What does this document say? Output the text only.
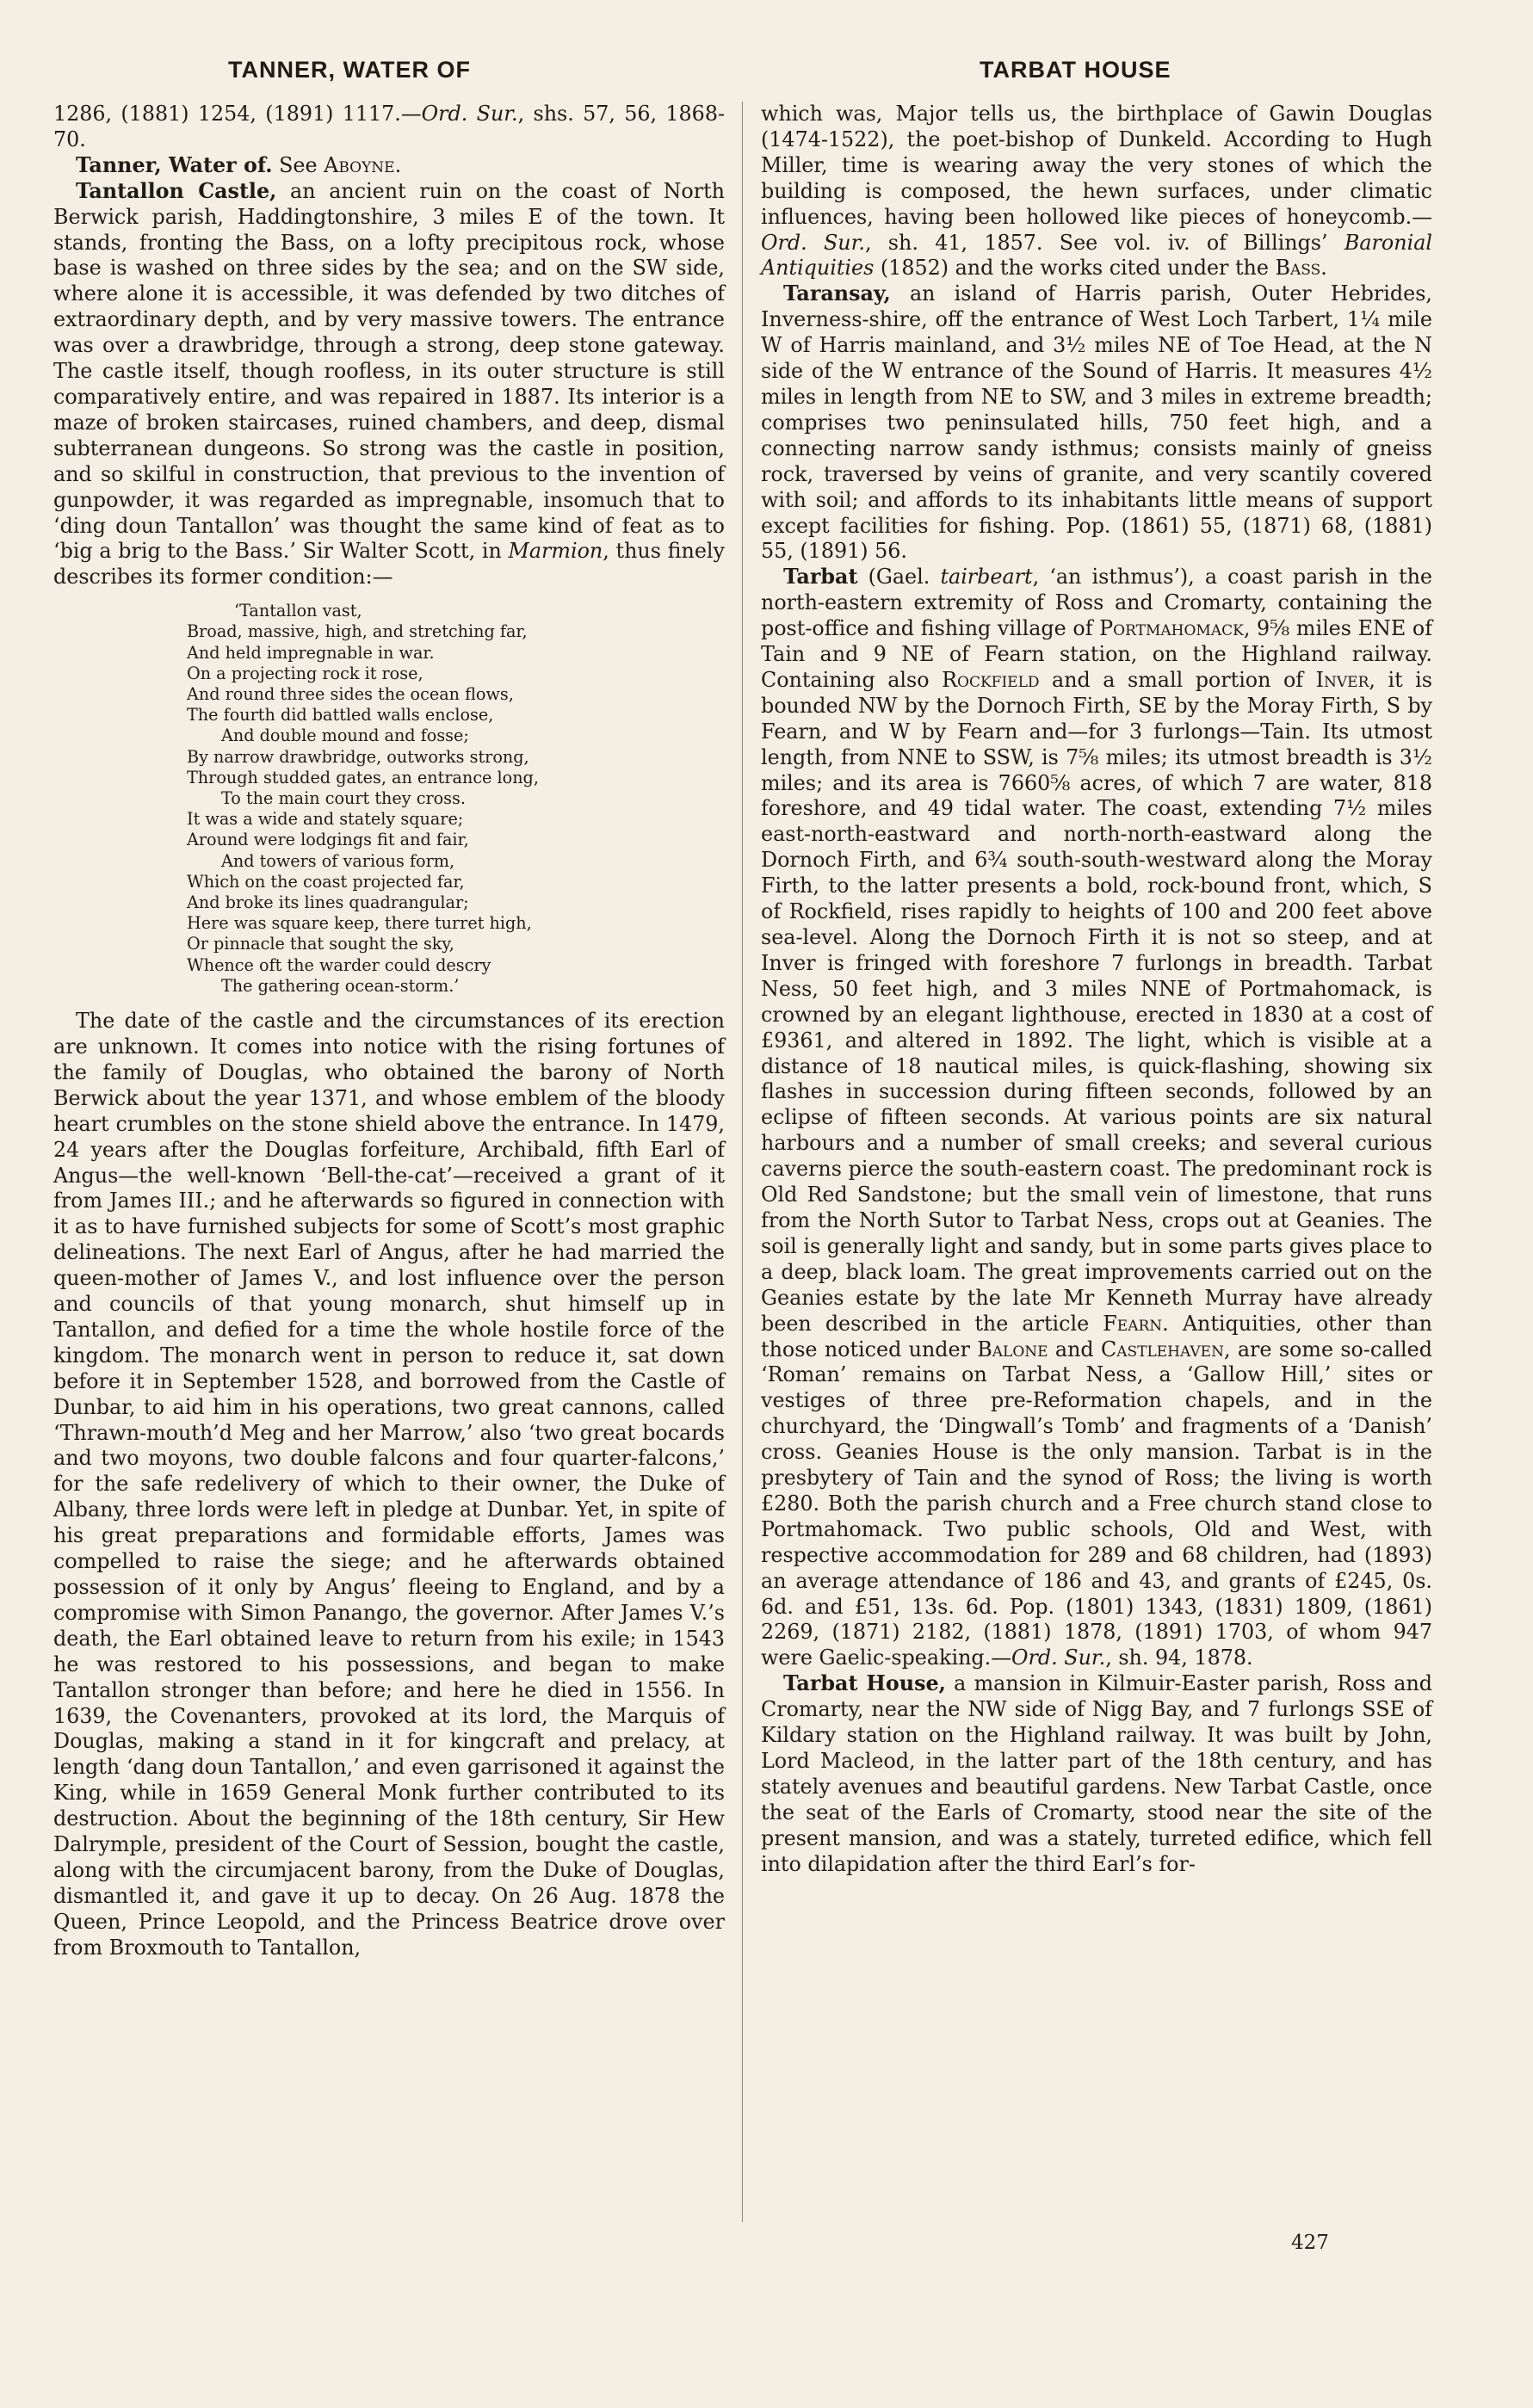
TANNER, WATER OF	TARBAT HOUSE

1286, (1881) 1254, (1891) 1117.—Ord. Sur., shs. 57, 56, 1868-70.

Tanner, Water of. See Aboyne.

Tantallon Castle, an ancient ruin on the coast of North Berwick parish, Haddingtonshire, 3 miles E of the town. It stands, fronting the Bass, on a lofty precipitous rock, whose base is washed on three sides by the sea; and on the SW side, where alone it is accessible, it was defended by two ditches of extraordinary depth, and by very massive towers. The entrance was over a drawbridge, through a strong, deep stone gateway. The castle itself, though roofless, in its outer structure is still comparatively entire, and was repaired in 1887. Its interior is a maze of broken staircases, ruined chambers, and deep, dismal subterranean dungeons. So strong was the castle in position, and so skilful in construction, that previous to the invention of gunpowder, it was regarded as impregnable, insomuch that to ‘ding doun Tantallon’ was thought the same kind of feat as to ‘big a brig to the Bass.’ Sir Walter Scott, in Marmion, thus finely describes its former condition:—

‘Tantallon vast,
Broad, massive, high, and stretching far,
And held impregnable in war.
On a projecting rock it rose,
And round three sides the ocean flows,
The fourth did battled walls enclose,
And double mound and fosse;
By narrow drawbridge, outworks strong,
Through studded gates, an entrance long,
To the main court they cross.
It was a wide and stately square;
Around were lodgings fit and fair,
And towers of various form,
Which on the coast projected far,
And broke its lines quadrangular;
Here was square keep, there turret high,
Or pinnacle that sought the sky,
Whence oft the warder could descry
The gathering ocean-storm.’

The date of the castle and the circumstances of its erection are unknown. It comes into notice with the rising fortunes of the family of Douglas, who obtained the barony of North Berwick about the year 1371, and whose emblem of the bloody heart crumbles on the stone shield above the entrance. In 1479, 24 years after the Douglas forfeiture, Archibald, fifth Earl of Angus—the well-known ‘Bell-the-cat’—received a grant of it from James III.; and he afterwards so figured in connection with it as to have furnished subjects for some of Scott’s most graphic delineations. The next Earl of Angus, after he had married the queen-mother of James V., and lost influence over the person and councils of that young monarch, shut himself up in Tantallon, and defied for a time the whole hostile force of the kingdom. The monarch went in person to reduce it, sat down before it in September 1528, and borrowed from the Castle of Dunbar, to aid him in his operations, two great cannons, called ‘Thrawn-mouth’d Meg and her Marrow,’ also ‘two great bocards and two moyons, two double falcons and four quarter-falcons,’ for the safe redelivery of which to their owner, the Duke of Albany, three lords were left in pledge at Dunbar. Yet, in spite of his great preparations and formidable efforts, James was compelled to raise the siege; and he afterwards obtained possession of it only by Angus’ fleeing to England, and by a compromise with Simon Panango, the governor. After James V.’s death, the Earl obtained leave to return from his exile; in 1543 he was restored to his possessions, and began to make Tantallon stronger than before; and here he died in 1556. In 1639, the Covenanters, provoked at its lord, the Marquis of Douglas, making a stand in it for kingcraft and prelacy, at length ‘dang doun Tantallon,’ and even garrisoned it against the King, while in 1659 General Monk further contributed to its destruction. About the beginning of the 18th century, Sir Hew Dalrymple, president of the Court of Session, bought the castle, along with the circumjacent barony, from the Duke of Douglas, dismantled it, and gave it up to decay. On 26 Aug. 1878 the Queen, Prince Leopold, and the Princess Beatrice drove over from Broxmouth to Tantallon,

which was, Major tells us, the birthplace of Gawin Douglas (1474-1522), the poet-bishop of Dunkeld. According to Hugh Miller, time is wearing away the very stones of which the building is composed, the hewn surfaces, under climatic influences, having been hollowed like pieces of honeycomb.—Ord. Sur., sh. 41, 1857. See vol. iv. of Billings’ Baronial Antiquities (1852) and the works cited under the Bass.

Taransay, an island of Harris parish, Outer Hebrides, Inverness-shire, off the entrance of West Loch Tarbert, 1¼ mile W of Harris mainland, and 3½ miles NE of Toe Head, at the N side of the W entrance of the Sound of Harris. It measures 4½ miles in length from NE to SW, and 3 miles in extreme breadth; comprises two peninsulated hills, 750 feet high, and a connecting narrow sandy isthmus; consists mainly of gneiss rock, traversed by veins of granite, and very scantily covered with soil; and affords to its inhabitants little means of support except facilities for fishing. Pop. (1861) 55, (1871) 68, (1881) 55, (1891) 56.

Tarbat (Gael. tairbeart, ‘an isthmus’), a coast parish in the north-eastern extremity of Ross and Cromarty, containing the post-office and fishing village of Portmahomack, 9⅝ miles ENE of Tain and 9 NE of Fearn station, on the Highland railway. Containing also Rockfield and a small portion of Inver, it is bounded NW by the Dornoch Firth, SE by the Moray Firth, S by Fearn, and W by Fearn and—for 3 furlongs—Tain. Its utmost length, from NNE to SSW, is 7⅝ miles; its utmost breadth is 3½ miles; and its area is 7660⅝ acres, of which 7 are water, 818 foreshore, and 49 tidal water. The coast, extending 7½ miles east-north-eastward and north-north-eastward along the Dornoch Firth, and 6¾ south-south-westward along the Moray Firth, to the latter presents a bold, rock-bound front, which, S of Rockfield, rises rapidly to heights of 100 and 200 feet above sea-level. Along the Dornoch Firth it is not so steep, and at Inver is fringed with foreshore 7 furlongs in breadth. Tarbat Ness, 50 feet high, and 3 miles NNE of Portmahomack, is crowned by an elegant lighthouse, erected in 1830 at a cost of £9361, and altered in 1892. The light, which is visible at a distance of 18 nautical miles, is quick-flashing, showing six flashes in succession during fifteen seconds, followed by an eclipse of fifteen seconds. At various points are six natural harbours and a number of small creeks; and several curious caverns pierce the south-eastern coast. The predominant rock is Old Red Sandstone; but the small vein of limestone, that runs from the North Sutor to Tarbat Ness, crops out at Geanies. The soil is generally light and sandy, but in some parts gives place to a deep, black loam. The great improvements carried out on the Geanies estate by the late Mr Kenneth Murray have already been described in the article Fearn. Antiquities, other than those noticed under Balone and Castlehaven, are some so-called ‘Roman’ remains on Tarbat Ness, a ‘Gallow Hill,’ sites or vestiges of three pre-Reformation chapels, and in the churchyard, the ‘Dingwall’s Tomb’ and fragments of a ‘Danish’ cross. Geanies House is the only mansion. Tarbat is in the presbytery of Tain and the synod of Ross; the living is worth £280. Both the parish church and a Free church stand close to Portmahomack. Two public schools, Old and West, with respective accommodation for 289 and 68 children, had (1893) an average attendance of 186 and 43, and grants of £245, 0s. 6d. and £51, 13s. 6d. Pop. (1801) 1343, (1831) 1809, (1861) 2269, (1871) 2182, (1881) 1878, (1891) 1703, of whom 947 were Gaelic-speaking.—Ord. Sur., sh. 94, 1878.

Tarbat House, a mansion in Kilmuir-Easter parish, Ross and Cromarty, near the NW side of Nigg Bay, and 7 furlongs SSE of Kildary station on the Highland railway. It was built by John, Lord Macleod, in the latter part of the 18th century, and has stately avenues and beautiful gardens. New Tarbat Castle, once the seat of the Earls of Cromarty, stood near the site of the present mansion, and was a stately, turreted edifice, which fell into dilapidation after the third Earl’s for-

427
